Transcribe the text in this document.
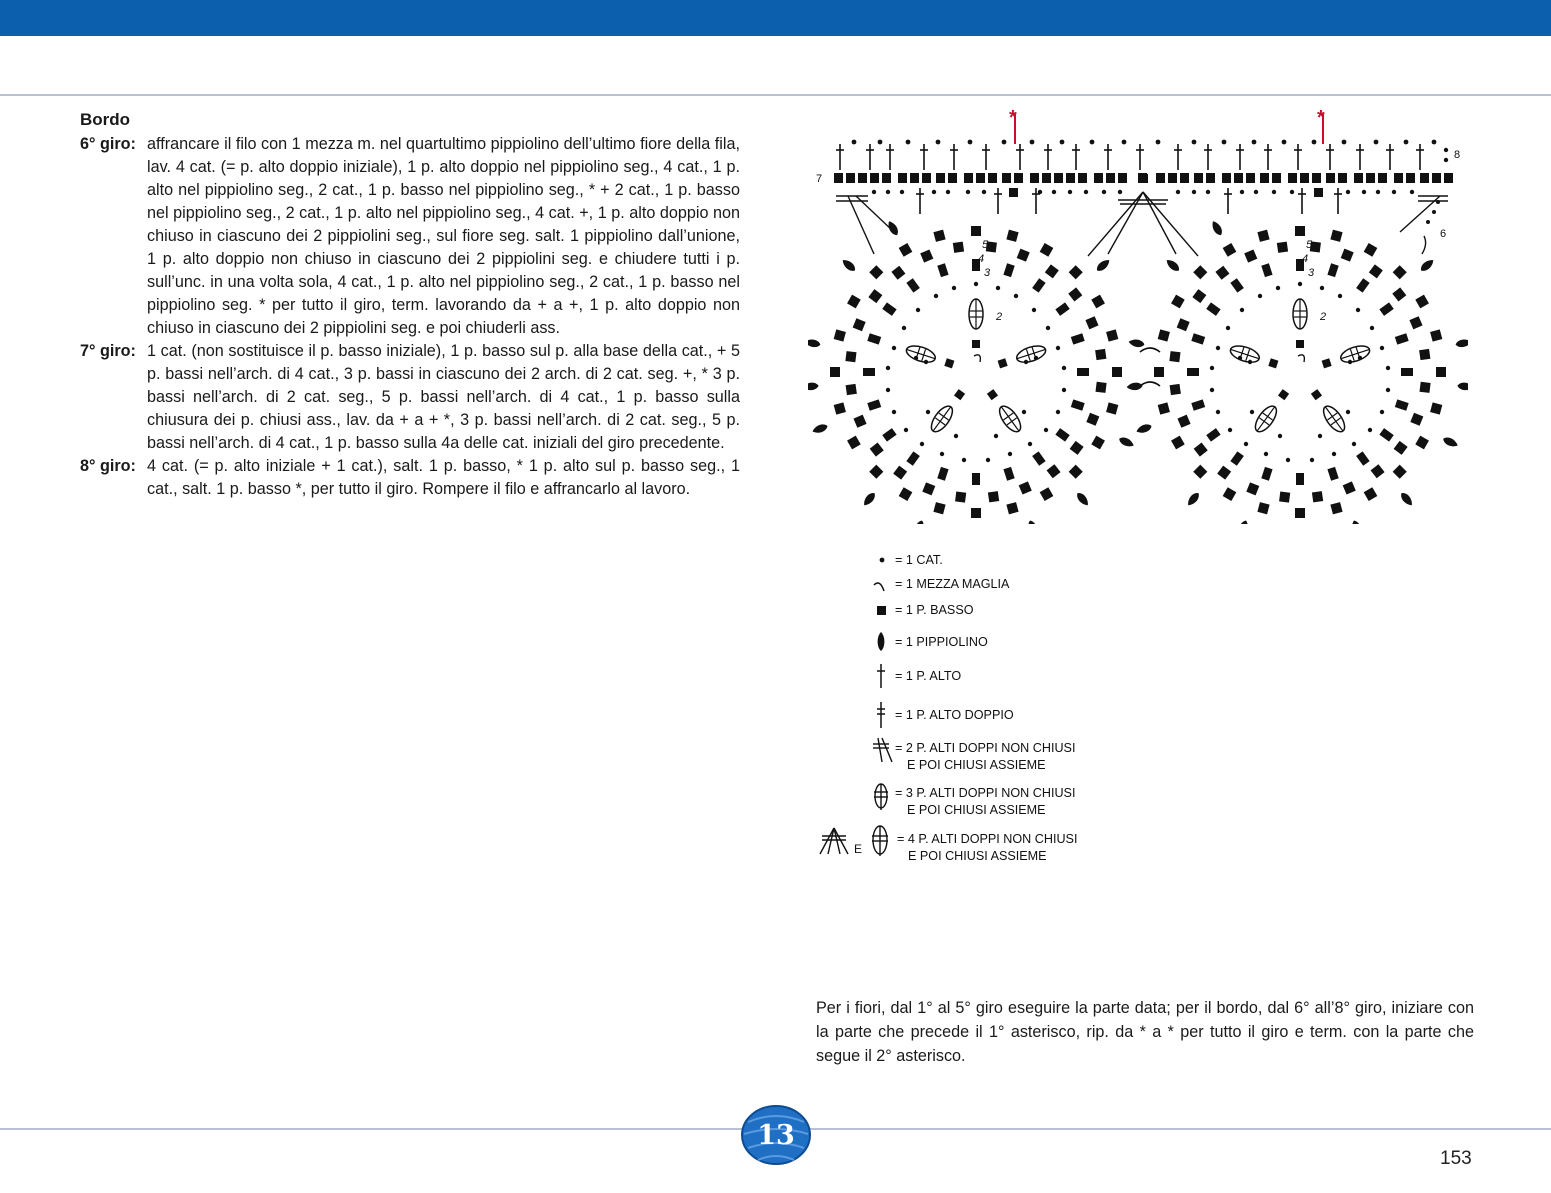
Bordo
6° giro: affrancare il filo con 1 mezza m. nel quartultimo pippiolino dell’ultimo fiore della fila, lav. 4 cat. (= p. alto doppio iniziale), 1 p. alto doppio nel pippiolino seg., 4 cat., 1 p. alto nel pippiolino seg., 2 cat., 1 p. basso nel pippiolino seg., * + 2 cat., 1 p. basso nel pippiolino seg., 2 cat., 1 p. alto nel pippiolino seg., 4 cat. +, 1 p. alto doppio non chiuso in ciascuno dei 2 pippiolini seg., sul fiore seg. salt. 1 pippiolino dall’unione, 1 p. alto doppio non chiuso in ciascuno dei 2 pippiolini seg. e chiudere tutti i p. sull’unc. in una volta sola, 4 cat., 1 p. alto nel pippiolino seg., 2 cat., 1 p. basso nel pippiolino seg. * per tutto il giro, term. lavorando da + a +, 1 p. alto doppio non chiuso in ciascuno dei 2 pippiolini seg. e poi chiuderli ass.
7° giro: 1 cat. (non sostituisce il p. basso iniziale), 1 p. basso sul p. alla base della cat., + 5 p. bassi nell’arch. di 4 cat., 3 p. bassi in ciascuno dei 2 arch. di 2 cat. seg. +, * 3 p. bassi nell’arch. di 2 cat. seg., 5 p. bassi nell’arch. di 4 cat., 1 p. basso sulla chiusura dei p. chiusi ass., lav. da + a + *, 3 p. bassi nell’arch. di 2 cat. seg., 5 p. bassi nell’arch. di 4 cat., 1 p. basso sulla 4a delle cat. iniziali del giro precedente.
8° giro: 4 cat. (= p. alto iniziale + 1 cat.), salt. 1 p. basso, * 1 p. alto sul p. basso seg., 1 cat., salt. 1 p. basso *, per tutto il giro. Rompere il filo e affrancarlo al lavoro.
*	*
8
7
6
5
4
3
2
5
4
3
2
E
= 1 CAT.
= 1 MEZZA MAGLIA
= 1 P. BASSO
= 1 PIPPIOLINO
= 1 P. ALTO
= 1 P. ALTO DOPPIO
= 2 P. ALTI DOPPI NON CHIUSI
E POI CHIUSI ASSIEME
= 3 P. ALTI DOPPI NON CHIUSI
E POI CHIUSI ASSIEME
= 4 P. ALTI DOPPI NON CHIUSI
E POI CHIUSI ASSIEME
Per i fiori, dal 1° al 5° giro eseguire la parte data; per il bordo, dal 6° all’8° giro, iniziare con la parte che precede il 1° asterisco, rip. da * a * per tutto il giro e term. con la parte che segue il 2° asterisco.
13
153
